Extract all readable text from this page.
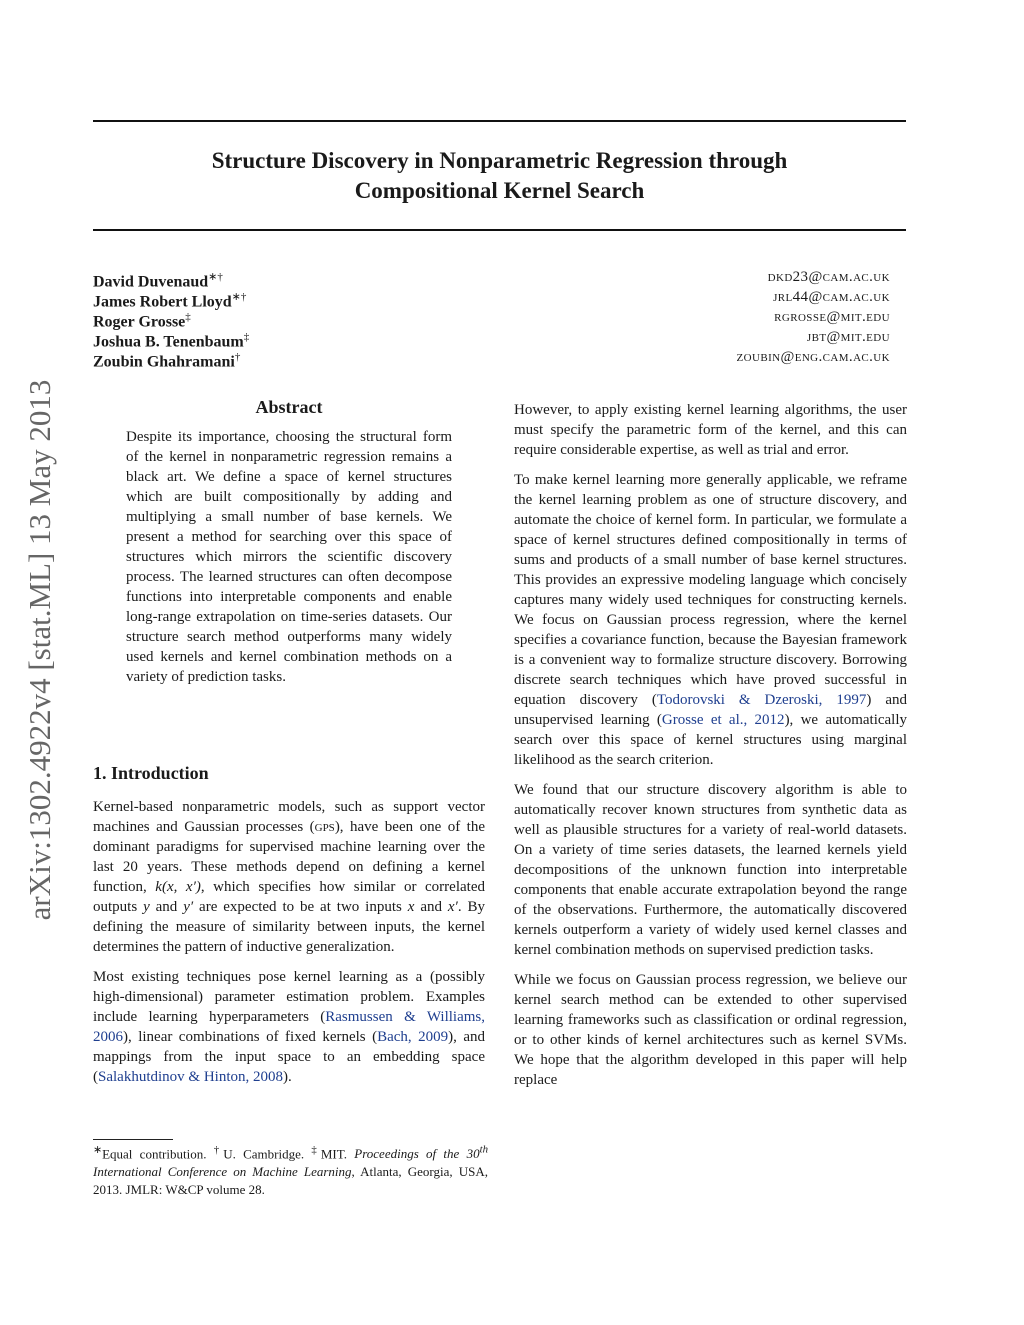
arXiv:1302.4922v4 [stat.ML] 13 May 2013
Structure Discovery in Nonparametric Regression through
Compositional Kernel Search
David Duvenaud∗†	dkd23@cam.ac.uk
James Robert Lloyd∗†	jrl44@cam.ac.uk
Roger Grosse‡	rgrosse@mit.edu
Joshua B. Tenenbaum‡	jbt@mit.edu
Zoubin Ghahramani†	zoubin@eng.cam.ac.uk
Abstract
Despite its importance, choosing the structural form of the kernel in nonparametric regression remains a black art. We define a space of kernel structures which are built compositionally by adding and multiplying a small number of base kernels. We present a method for searching over this space of structures which mirrors the scientific discovery process. The learned structures can often decompose functions into interpretable components and enable long-range extrapolation on time-series datasets. Our structure search method outperforms many widely used kernels and kernel combination methods on a variety of prediction tasks.
1. Introduction

Kernel-based nonparametric models, such as support vector machines and Gaussian processes (gps), have been one of the dominant paradigms for supervised machine learning over the last 20 years. These methods depend on defining a kernel function, k(x, x′), which specifies how similar or correlated outputs y and y′ are expected to be at two inputs x and x′. By defining the measure of similarity between inputs, the kernel determines the pattern of inductive generalization.

Most existing techniques pose kernel learning as a (possibly high-dimensional) parameter estimation problem. Examples include learning hyperparameters (Rasmussen & Williams, 2006), linear combinations of fixed kernels (Bach, 2009), and mappings from the input space to an embedding space (Salakhutdinov & Hinton, 2008).

∗Equal contribution. †U. Cambridge. ‡MIT. Proceedings of the 30th International Conference on Machine Learning, Atlanta, Georgia, USA, 2013. JMLR: W&CP volume 28.

However, to apply existing kernel learning algorithms, the user must specify the parametric form of the kernel, and this can require considerable expertise, as well as trial and error.

To make kernel learning more generally applicable, we reframe the kernel learning problem as one of structure discovery, and automate the choice of kernel form. In particular, we formulate a space of kernel structures defined compositionally in terms of sums and products of a small number of base kernel structures. This provides an expressive modeling language which concisely captures many widely used techniques for constructing kernels. We focus on Gaussian process regression, where the kernel specifies a covariance function, because the Bayesian framework is a convenient way to formalize structure discovery. Borrowing discrete search techniques which have proved successful in equation discovery (Todorovski & Dzeroski, 1997) and unsupervised learning (Grosse et al., 2012), we automatically search over this space of kernel structures using marginal likelihood as the search criterion.

We found that our structure discovery algorithm is able to automatically recover known structures from synthetic data as well as plausible structures for a variety of real-world datasets. On a variety of time series datasets, the learned kernels yield decompositions of the unknown function into interpretable components that enable accurate extrapolation beyond the range of the observations. Furthermore, the automatically discovered kernels outperform a variety of widely used kernel classes and kernel combination methods on supervised prediction tasks.

While we focus on Gaussian process regression, we believe our kernel search method can be extended to other supervised learning frameworks such as classification or ordinal regression, or to other kinds of kernel architectures such as kernel SVMs. We hope that the algorithm developed in this paper will help replace
